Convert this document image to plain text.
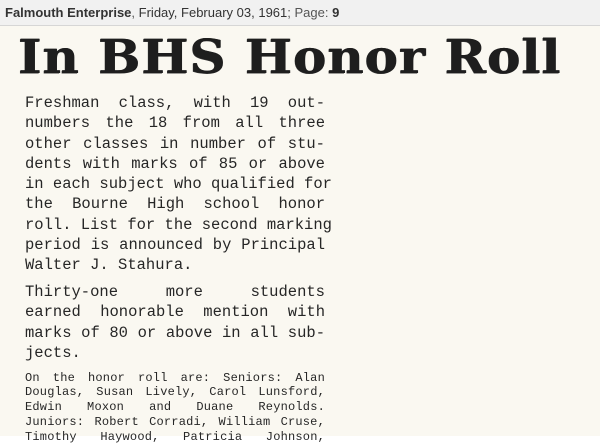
Falmouth Enterprise, Friday, February 03, 1961; Page: 9
In BHS Honor Roll

Freshman class, with 19 out-
numbers the 18 from all three
other classes in number of stu-
dents with marks of 85 or above
in each subject who qualified for
the Bourne High school honor
roll. List for the second marking
period is announced by Principal
Walter J. Stahura.

Thirty-one more students
earned honorable mention with
marks of 80 or above in all sub-
jects.

On the honor roll are: Seniors: Alan
Douglas, Susan Lively, Carol Lunsford,
Edwin Moxon and Duane Reynolds.
Juniors: Robert Corradi, William Cruse,
Timothy Haywood, Patricia Johnson,
